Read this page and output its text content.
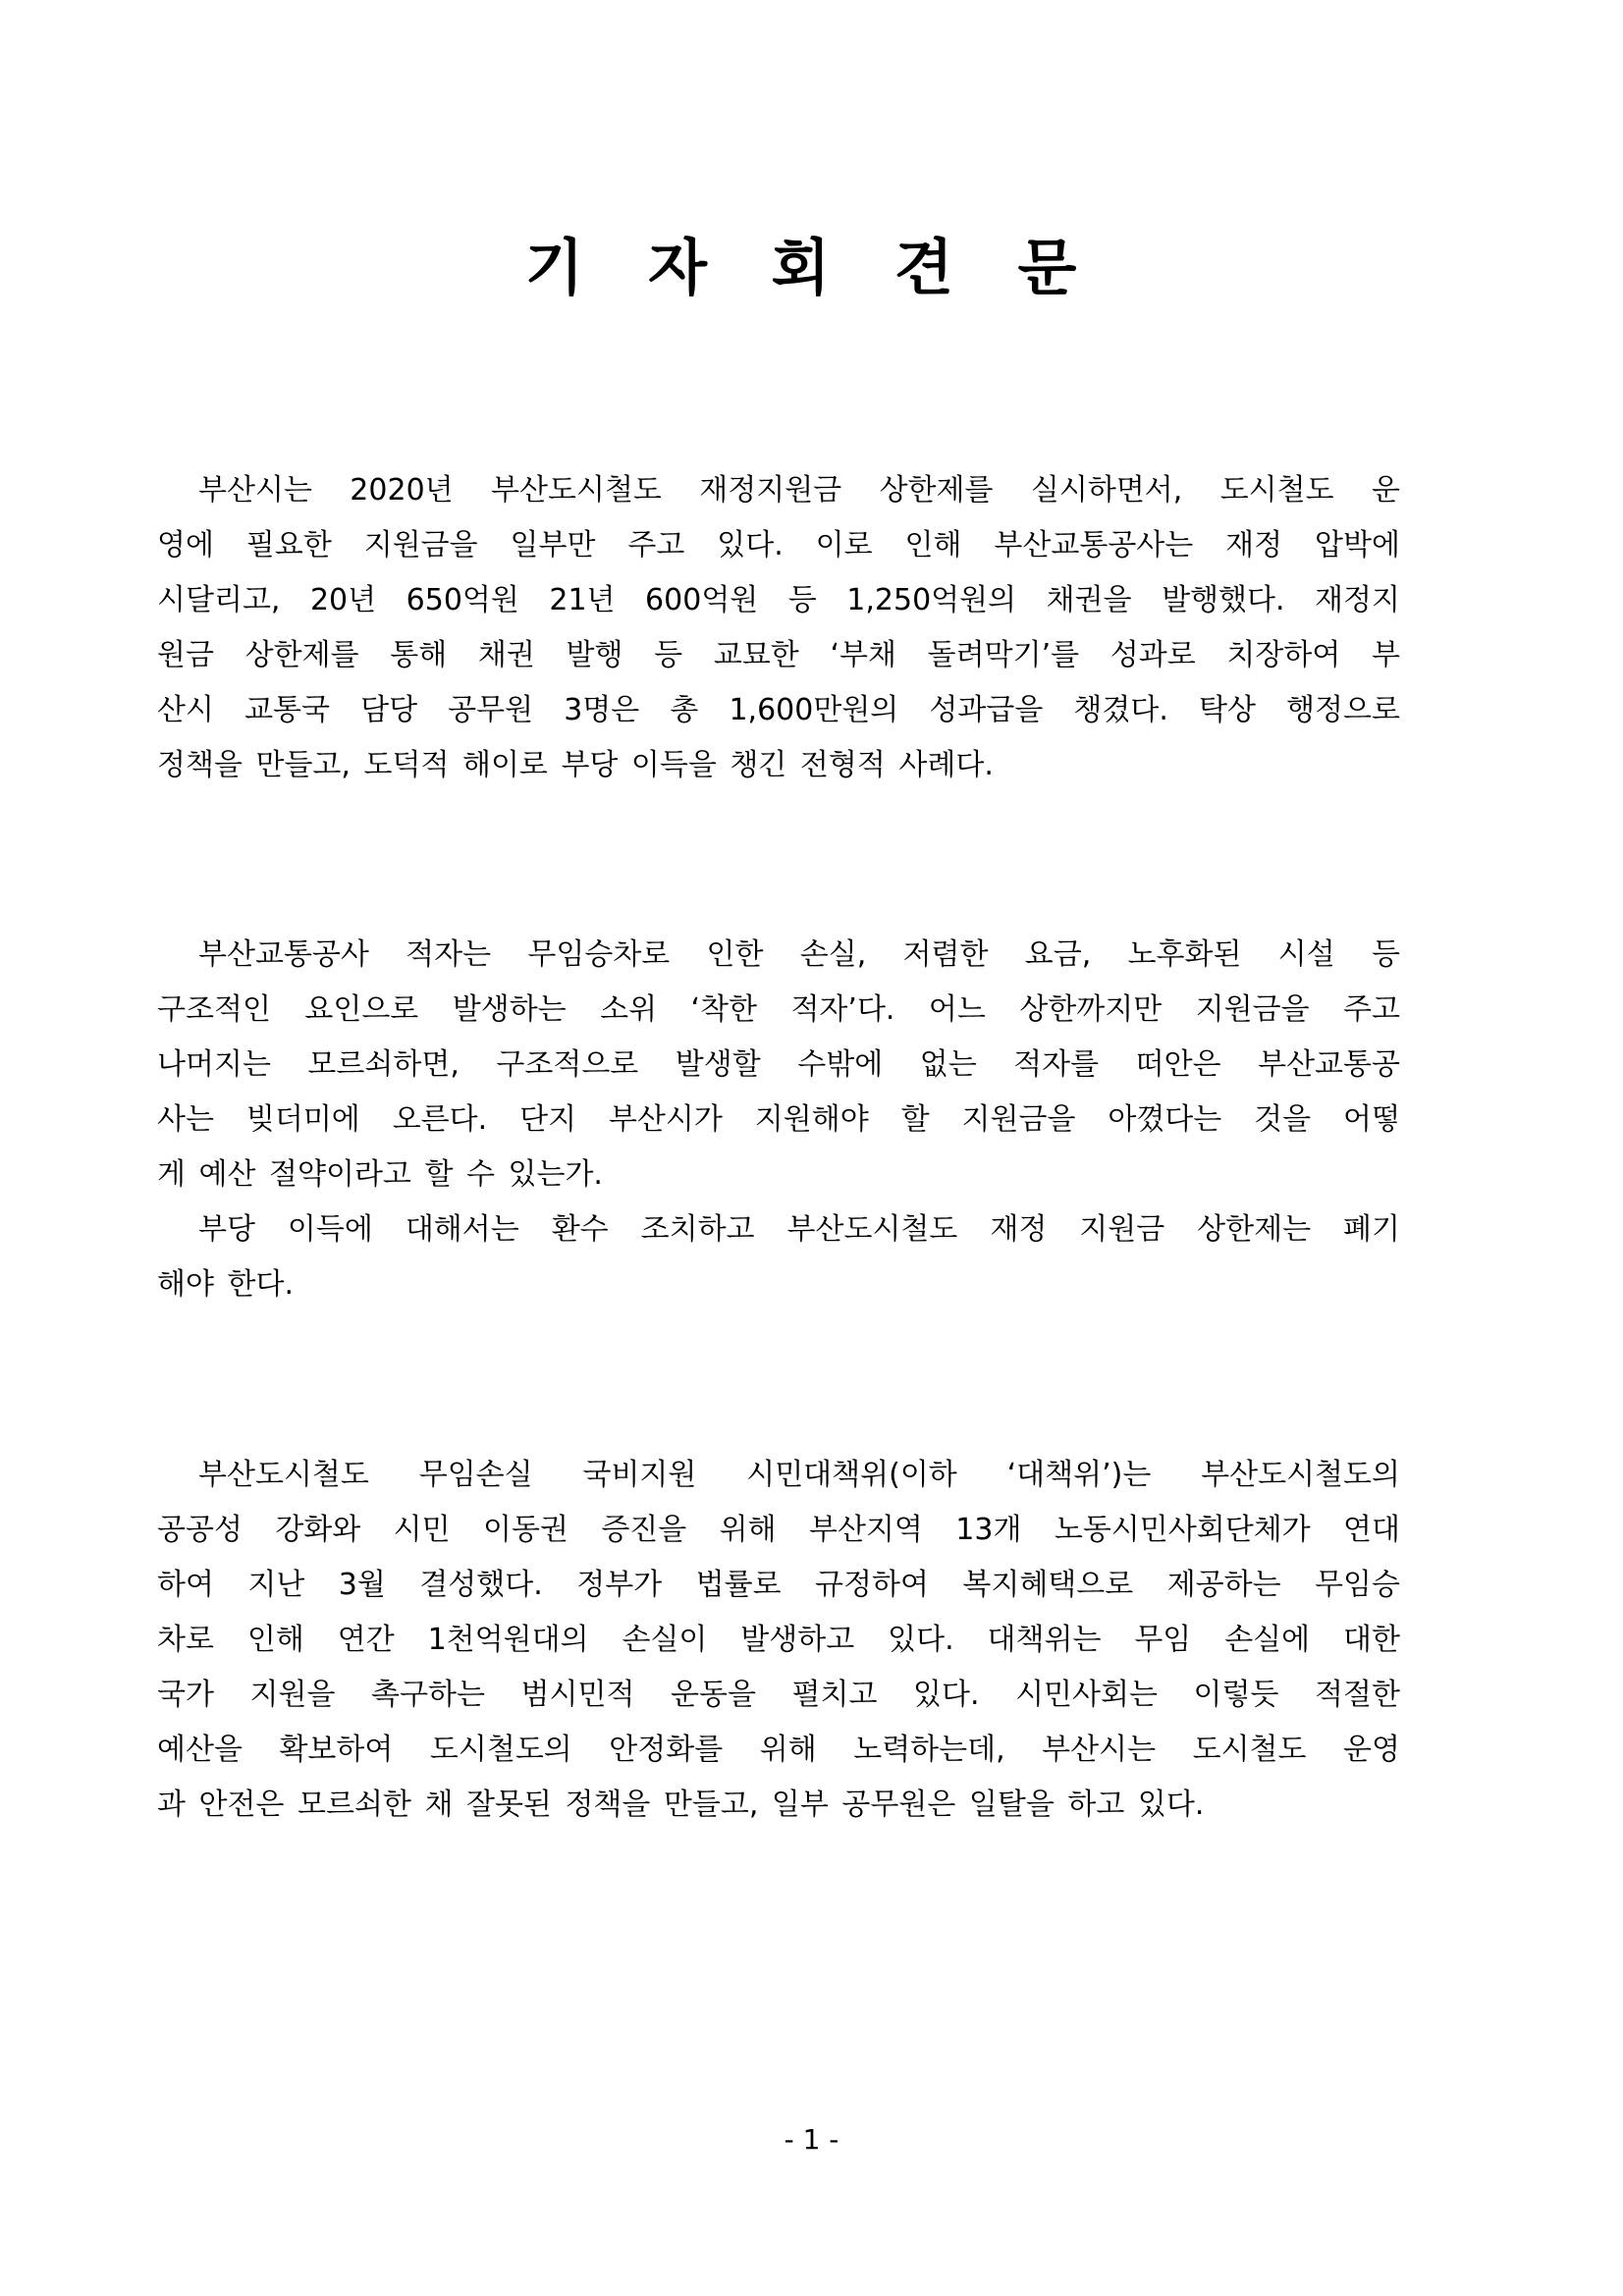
기 자 회 견 문
부산시는 2020년 부산도시철도 재정지원금 상한제를 실시하면서, 도시철도 운
영에 필요한 지원금을 일부만 주고 있다. 이로 인해 부산교통공사는 재정 압박에
시달리고, 20년 650억원 21년 600억원 등 1,250억원의 채권을 발행했다. 재정지
원금 상한제를 통해 채권 발행 등 교묘한 ‘부채 돌려막기’를 성과로 치장하여 부
산시 교통국 담당 공무원 3명은 총 1,600만원의 성과급을 챙겼다. 탁상 행정으로
정책을 만들고, 도덕적 해이로 부당 이득을 챙긴 전형적 사례다.
부산교통공사 적자는 무임승차로 인한 손실, 저렴한 요금, 노후화된 시설 등
구조적인 요인으로 발생하는 소위 ‘착한 적자’다. 어느 상한까지만 지원금을 주고
나머지는 모르쇠하면, 구조적으로 발생할 수밖에 없는 적자를 떠안은 부산교통공
사는 빚더미에 오른다. 단지 부산시가 지원해야 할 지원금을 아꼈다는 것을 어떻
게 예산 절약이라고 할 수 있는가.
부당 이득에 대해서는 환수 조치하고 부산도시철도 재정 지원금 상한제는 폐기
해야 한다.
부산도시철도 무임손실 국비지원 시민대책위(이하 ‘대책위’)는 부산도시철도의
공공성 강화와 시민 이동권 증진을 위해 부산지역 13개 노동시민사회단체가 연대
하여 지난 3월 결성했다. 정부가 법률로 규정하여 복지혜택으로 제공하는 무임승
차로 인해 연간 1천억원대의 손실이 발생하고 있다. 대책위는 무임 손실에 대한
국가 지원을 촉구하는 범시민적 운동을 펼치고 있다. 시민사회는 이렇듯 적절한
예산을 확보하여 도시철도의 안정화를 위해 노력하는데, 부산시는 도시철도 운영
과 안전은 모르쇠한 채 잘못된 정책을 만들고, 일부 공무원은 일탈을 하고 있다.
- 1 -
